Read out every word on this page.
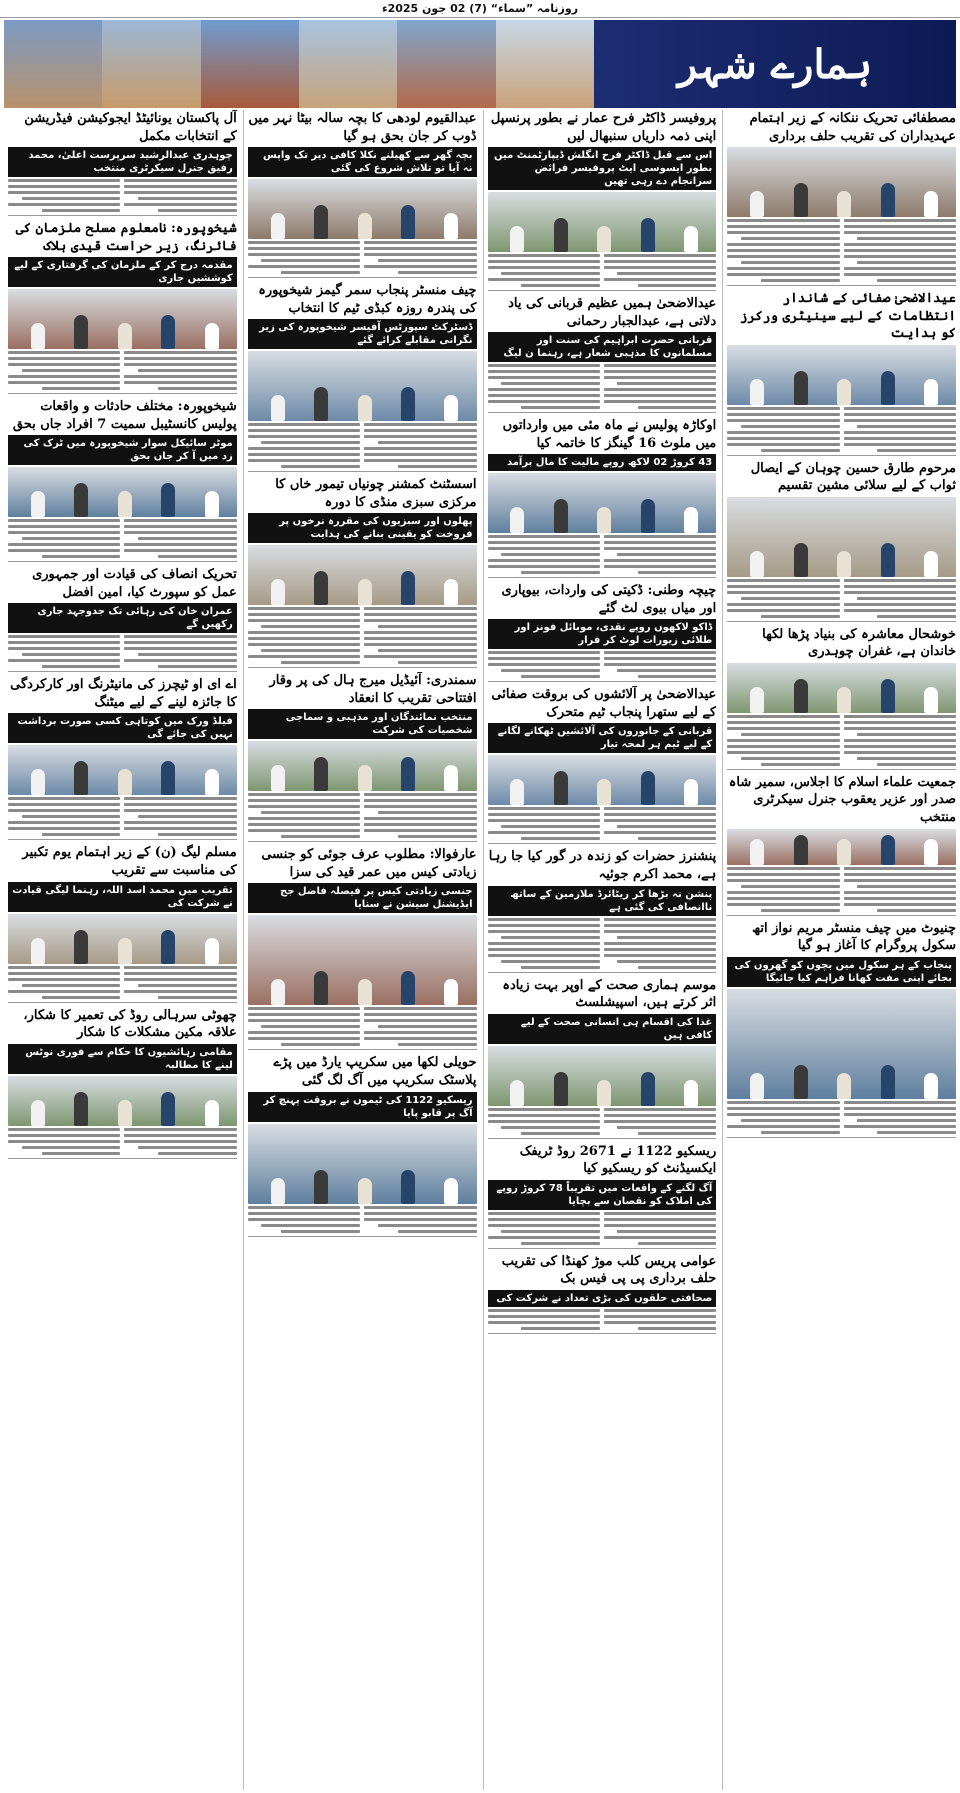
روزنامہ ”سماء“ (7) 02 جون 2025ء
ہمارے شہر
مصطفائی تحریک ننکانہ کے زیر اہتمام عہدیداران کی تقریب حلف برداری
عیدالاضحیٰ صفائی کے شاندار انتظامات کے لیے سینیٹری ورکرز کو ہدایت
مرحوم طارق حسین چوہان کے ایصال ثواب کے لیے سلائی مشین تقسیم
خوشحال معاشرہ کی بنیاد پڑھا لکھا خاندان ہے، غفران چوہدری
جمعیت علماء اسلام کا اجلاس، سمیر شاہ صدر اور عزیر یعقوب جنرل سیکرٹری منتخب
چنیوٹ میں چیف منسٹر مریم نواز اتھ سکول پروگرام کا آغاز ہو گیا
پنجاب کے ہر سکول میں بچوں کو گھروں کی بجائے اپنی مفت کھانا فراہم کیا جائیگا
پروفیسر ڈاکٹر فرح عمار نے بطور پرنسپل اپنی ذمہ داریاں سنبھال لیں
اس سے قبل ڈاکٹر فرح انگلش ڈیپارٹمنٹ میں بطور ایسوسی ایٹ پروفیسر فرائض سرانجام دے رہی تھیں
عیدالاضحیٰ ہمیں عظیم قربانی کی یاد دلاتی ہے، عبدالجبار رحمانی
قربانی حضرت ابراہیم کی سنت اور مسلمانوں کا مذہبی شعار ہے، رہنما ن لیگ
اوکاڑہ پولیس نے ماہ مئی میں وارداتوں میں ملوث 16 گینگز کا خاتمہ کیا
43 کروڑ 02 لاکھ روپے مالیت کا مال برآمد
چیچہ وطنی: ڈکیتی کی واردات، بیوپاری اور میاں بیوی لٹ گئے
ڈاکو لاکھوں روپے نقدی، موبائل فونز اور طلائی زیورات لوٹ کر فرار
عیدالاضحیٰ پر آلائشوں کی بروقت صفائی کے لیے ستھرا پنجاب ٹیم متحرک
قربانی کے جانوروں کی آلائشیں ٹھکانے لگانے کے لیے ٹیم ہر لمحہ تیار
پنشنرز حضرات کو زندہ در گور کیا جا رہا ہے، محمد اکرم جوئیہ
پنشن نہ بڑھا کر ریٹائرڈ ملازمین کے ساتھ ناانصافی کی گئی ہے
موسم ہماری صحت کے اوپر بہت زیادہ اثر کرتے ہیں، اسپیشلسٹ
غذا کی اقسام ہی انسانی صحت کے لیے کافی ہیں
ریسکیو 1122 نے 2671 روڈ ٹریفک ایکسیڈنٹ کو ریسکیو کیا
آگ لگنے کے واقعات میں تقریباً 78 کروڑ روپے کی املاک کو نقصان سے بچایا
عوامی پریس کلب موڑ کھنڈا کی تقریب حلف برداری پی پی فیس بک
صحافتی حلقوں کی بڑی تعداد نے شرکت کی
عبدالقیوم لودھی کا بچہ سالہ بیٹا نہر میں ڈوب کر جان بحق ہو گیا
بچہ گھر سے کھیلنے نکلا کافی دیر تک واپس نہ آیا تو تلاش شروع کی گئی
چیف منسٹر پنجاب سمر گیمز شیخوپورہ کی پندرہ روزہ کبڈی ٹیم کا انتخاب
ڈسٹرکٹ سپورٹس آفیسر شیخوپورہ کی زیر نگرانی مقابلے کرائے گئے
اسسٹنٹ کمشنر چونیاں تیمور خاں کا مرکزی سبزی منڈی کا دورہ
پھلوں اور سبزیوں کی مقررہ نرخوں پر فروخت کو یقینی بنانے کی ہدایت
سمندری: آئیڈیل میرج ہال کی پر وقار افتتاحی تقریب کا انعقاد
منتخب نمائندگان اور مذہبی و سماجی شخصیات کی شرکت
عارفوالا: مطلوب عرف جوئی کو جنسی زیادتی کیس میں عمر قید کی سزا
جنسی زیادتی کیس پر فیصلہ فاضل جج ایڈیشنل سیشن نے سنایا
حویلی لکھا میں سکریپ یارڈ میں پڑے پلاسٹک سکریپ میں آگ لگ گئی
ریسکیو 1122 کی ٹیموں نے بروقت پہنچ کر آگ پر قابو پایا
آل پاکستان یونائیٹڈ ایجوکیشن فیڈریشن کے انتخابات مکمل
چوہدری عبدالرشید سرپرست اعلیٰ، محمد رفیق جنرل سیکرٹری منتخب
شیخوپورہ: نامعلوم مسلح ملزمان کی فائرنگ، زیر حراست قیدی ہلاک
مقدمہ درج کر کے ملزمان کی گرفتاری کے لیے کوششیں جاری
شیخوپورہ: مختلف حادثات و واقعات پولیس کانسٹیبل سمیت 7 افراد جاں بحق
موٹر سائیکل سوار شیخوپورہ میں ٹرک کی زد میں آ کر جاں بحق
تحریک انصاف کی قیادت اور جمہوری عمل کو سپورٹ کیا، امین افضل
عمران خان کی رہائی تک جدوجہد جاری رکھیں گے
اے ای او ٹیچرز کی مانیٹرنگ اور کارکردگی کا جائزہ لینے کے لیے میٹنگ
فیلڈ ورک میں کوتاہی کسی صورت برداشت نہیں کی جائے گی
مسلم لیگ (ن) کے زیر اہتمام یوم تکبیر کی مناسبت سے تقریب
تقریب میں محمد اسد اللہ، رہنما لیگی قیادت نے شرکت کی
چھوٹی سرہالی روڈ کی تعمیر کا شکار، علاقہ مکین مشکلات کا شکار
مقامی رہائشیوں کا حکام سے فوری نوٹس لینے کا مطالبہ
